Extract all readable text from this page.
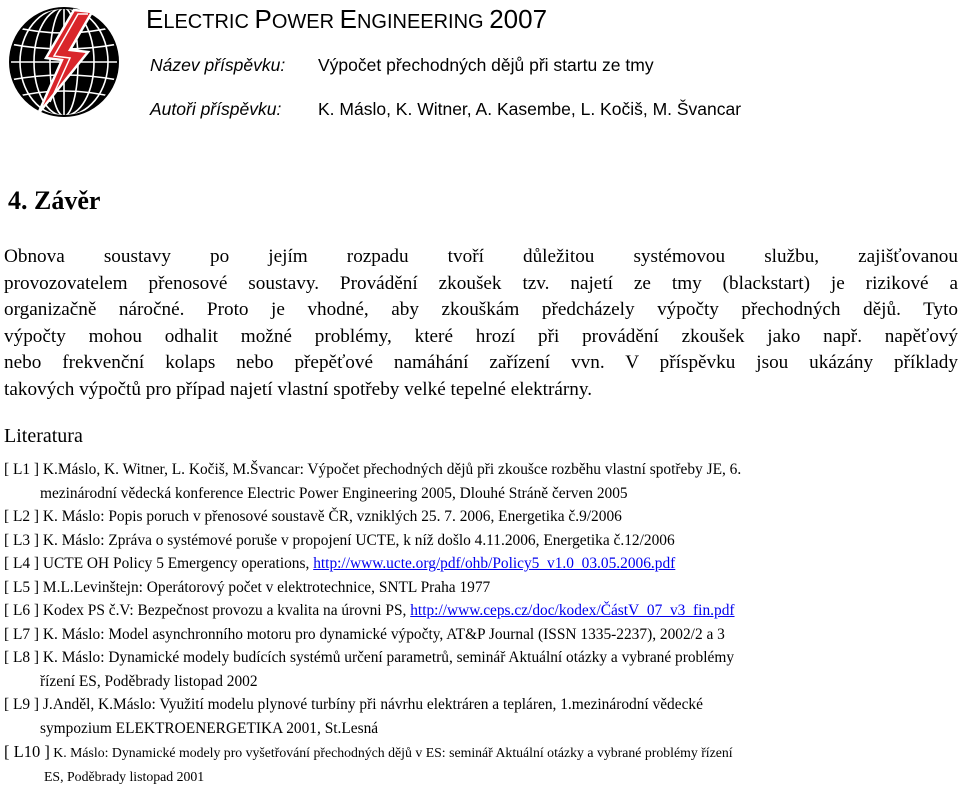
ELECTRIC POWER ENGINEERING 2007
Název příspěvku: Výpočet přechodných dějů při startu ze tmy
Autoři příspěvku: K. Máslo, K. Witner, A. Kasembe, L. Kočiš, M. Švancar
4. Závěr
Obnova soustavy po jejím rozpadu tvoří důležitou systémovou službu, zajišťovanou
provozovatelem přenosové soustavy. Provádění zkoušek tzv. najetí ze tmy (blackstart) je rizikové a
organizačně náročné. Proto je vhodné, aby zkouškám předcházely výpočty přechodných dějů. Tyto
výpočty mohou odhalit možné problémy, které hrozí při provádění zkoušek jako např. napěťový
nebo frekvenční kolaps nebo přepěťové namáhání zařízení vvn. V příspěvku jsou ukázány příklady
takových výpočtů pro případ najetí vlastní spotřeby velké tepelné elektrárny.
Literatura
[ L1 ] K.Máslo, K. Witner, L. Kočiš, M.Švancar: Výpočet přechodných dějů při zkoušce rozběhu vlastní spotřeby JE, 6.
mezinárodní vědecká konference Electric Power Engineering 2005, Dlouhé Stráně červen 2005
[ L2 ] K. Máslo: Popis poruch v přenosové soustavě ČR, vzniklých 25. 7. 2006, Energetika č.9/2006
[ L3 ] K. Máslo: Zpráva o systémové poruše v propojení UCTE, k níž došlo 4.11.2006, Energetika č.12/2006
[ L4 ] UCTE OH Policy 5 Emergency operations, http://www.ucte.org/pdf/ohb/Policy5_v1.0_03.05.2006.pdf
[ L5 ] M.L.Levinštejn: Operátorový počet v elektrotechnice, SNTL Praha 1977
[ L6 ] Kodex PS č.V: Bezpečnost provozu a kvalita na úrovni PS, http://www.ceps.cz/doc/kodex/ČástV_07_v3_fin.pdf
[ L7 ] K. Máslo: Model asynchronního motoru pro dynamické výpočty, AT&P Journal (ISSN 1335-2237), 2002/2 a 3
[ L8 ] K. Máslo: Dynamické modely budících systémů určení parametrů, seminář Aktuální otázky a vybrané problémy
řízení ES, Poděbrady listopad 2002
[ L9 ] J.Anděl, K.Máslo: Využití modelu plynové turbíny při návrhu elektráren a tepláren, 1.mezinárodní vědecké
sympozium ELEKTROENERGETIKA 2001, St.Lesná
[ L10 ] K. Máslo: Dynamické modely pro vyšetřování přechodných dějů v ES: seminář Aktuální otázky a vybrané problémy řízení
ES, Poděbrady listopad 2001
